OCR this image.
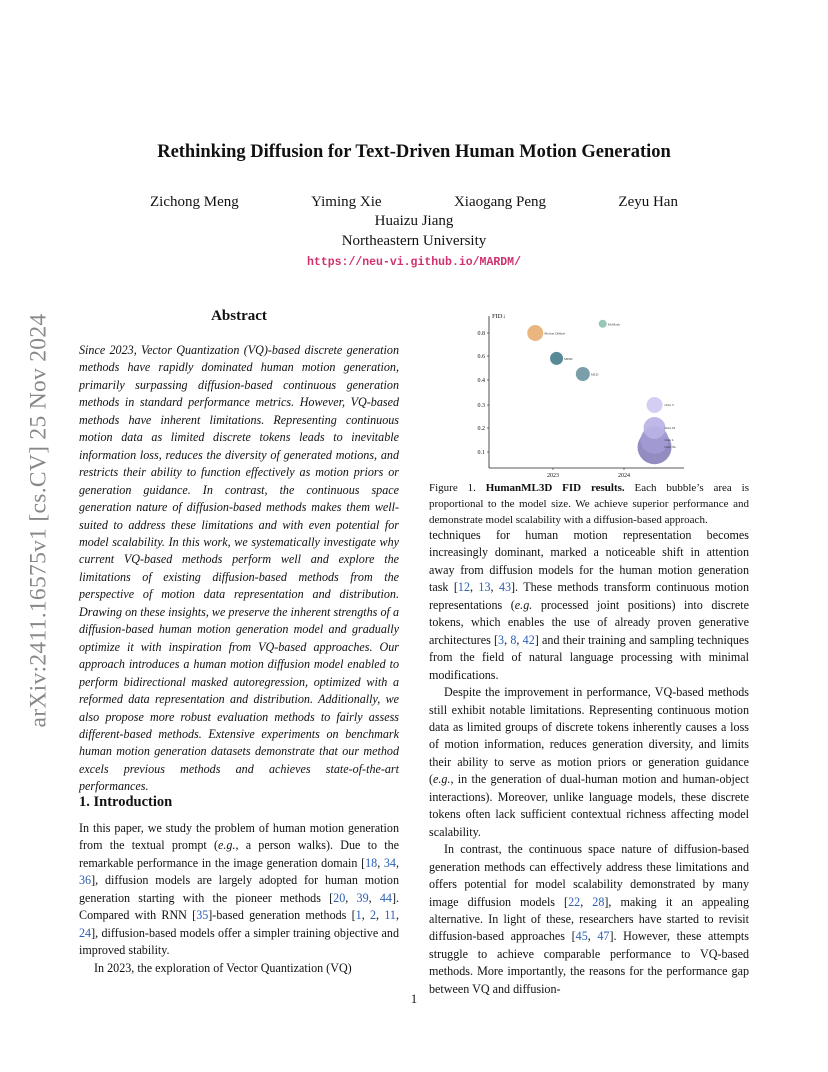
arXiv:2411.16575v1 [cs.CV] 25 Nov 2024
Rethinking Diffusion for Text-Driven Human Motion Generation
Zichong Meng	Yiming Xie	Xiaogang Peng	Zeyu Han
Huaizu Jiang
Northeastern University
https://neu-vi.github.io/MARDM/
Abstract

Since 2023, Vector Quantization (VQ)-based discrete generation methods have rapidly dominated human motion generation, primarily surpassing diffusion-based continuous generation methods in standard performance metrics. However, VQ-based methods have inherent limitations. Representing continuous motion data as limited discrete tokens leads to inevitable information loss, reduces the diversity of generated motions, and restricts their ability to function effectively as motion priors or generation guidance. In contrast, the continuous space generation nature of diffusion-based methods makes them well-suited to address these limitations and with even potential for model scalability. In this work, we systematically investigate why current VQ-based methods perform well and explore the limitations of existing diffusion-based methods from the perspective of motion data representation and distribution. Drawing on these insights, we preserve the inherent strengths of a diffusion-based human motion generation model and gradually optimize it with inspiration from VQ-based approaches. Our approach introduces a human motion diffusion model enabled to perform bidirectional masked autoregression, optimized with a reformed data representation and distribution. Additionally, we also propose more robust evaluation methods to fairly assess different-based methods. Extensive experiments on benchmark human motion generation datasets demonstrate that our method excels previous methods and achieves state-of-the-art performances.

1. Introduction

In this paper, we study the problem of human motion generation from the textual prompt (e.g., a person walks). Due to the remarkable performance in the image generation domain [18, 34, 36], diffusion models are largely adopted for human motion generation starting with the pioneer methods [20, 39, 44]. Compared with RNN [35]-based generation methods [1, 2, 11, 24], diffusion-based models offer a simpler training objective and improved stability.

In 2023, the exploration of Vector Quantization (VQ)

FID↓
0.1
0.2
0.3
0.4
0.6
0.8
2023	2024
Motion Diffuse
MDM
MoMask
MLD
Ours S
Ours M
Ours L
Ours XL

Figure 1. HumanML3D FID results. Each bubble’s area is proportional to the model size. We achieve superior performance and demonstrate model scalability with a diffusion-based approach.

techniques for human motion representation becomes increasingly dominant, marked a noticeable shift in attention away from diffusion models for the human motion generation task [12, 13, 43]. These methods transform continuous motion representations (e.g. processed joint positions) into discrete tokens, which enables the use of already proven generative architectures [3, 8, 42] and their training and sampling techniques from the field of natural language processing with minimal modifications.

Despite the improvement in performance, VQ-based methods still exhibit notable limitations. Representing continuous motion data as limited groups of discrete tokens inherently causes a loss of motion information, reduces generation diversity, and limits their ability to serve as motion priors or generation guidance (e.g., in the generation of dual-human motion and human-object interactions). Moreover, unlike language models, these discrete tokens often lack sufficient contextual richness affecting model scalability.

In contrast, the continuous space nature of diffusion-based generation methods can effectively address these limitations and offers potential for model scalability demonstrated by many image diffusion models [22, 28], making it an appealing alternative. In light of these, researchers have started to revisit diffusion-based approaches [45, 47]. However, these attempts struggle to achieve comparable performance to VQ-based methods. More importantly, the reasons for the performance gap between VQ and diffusion-

1
